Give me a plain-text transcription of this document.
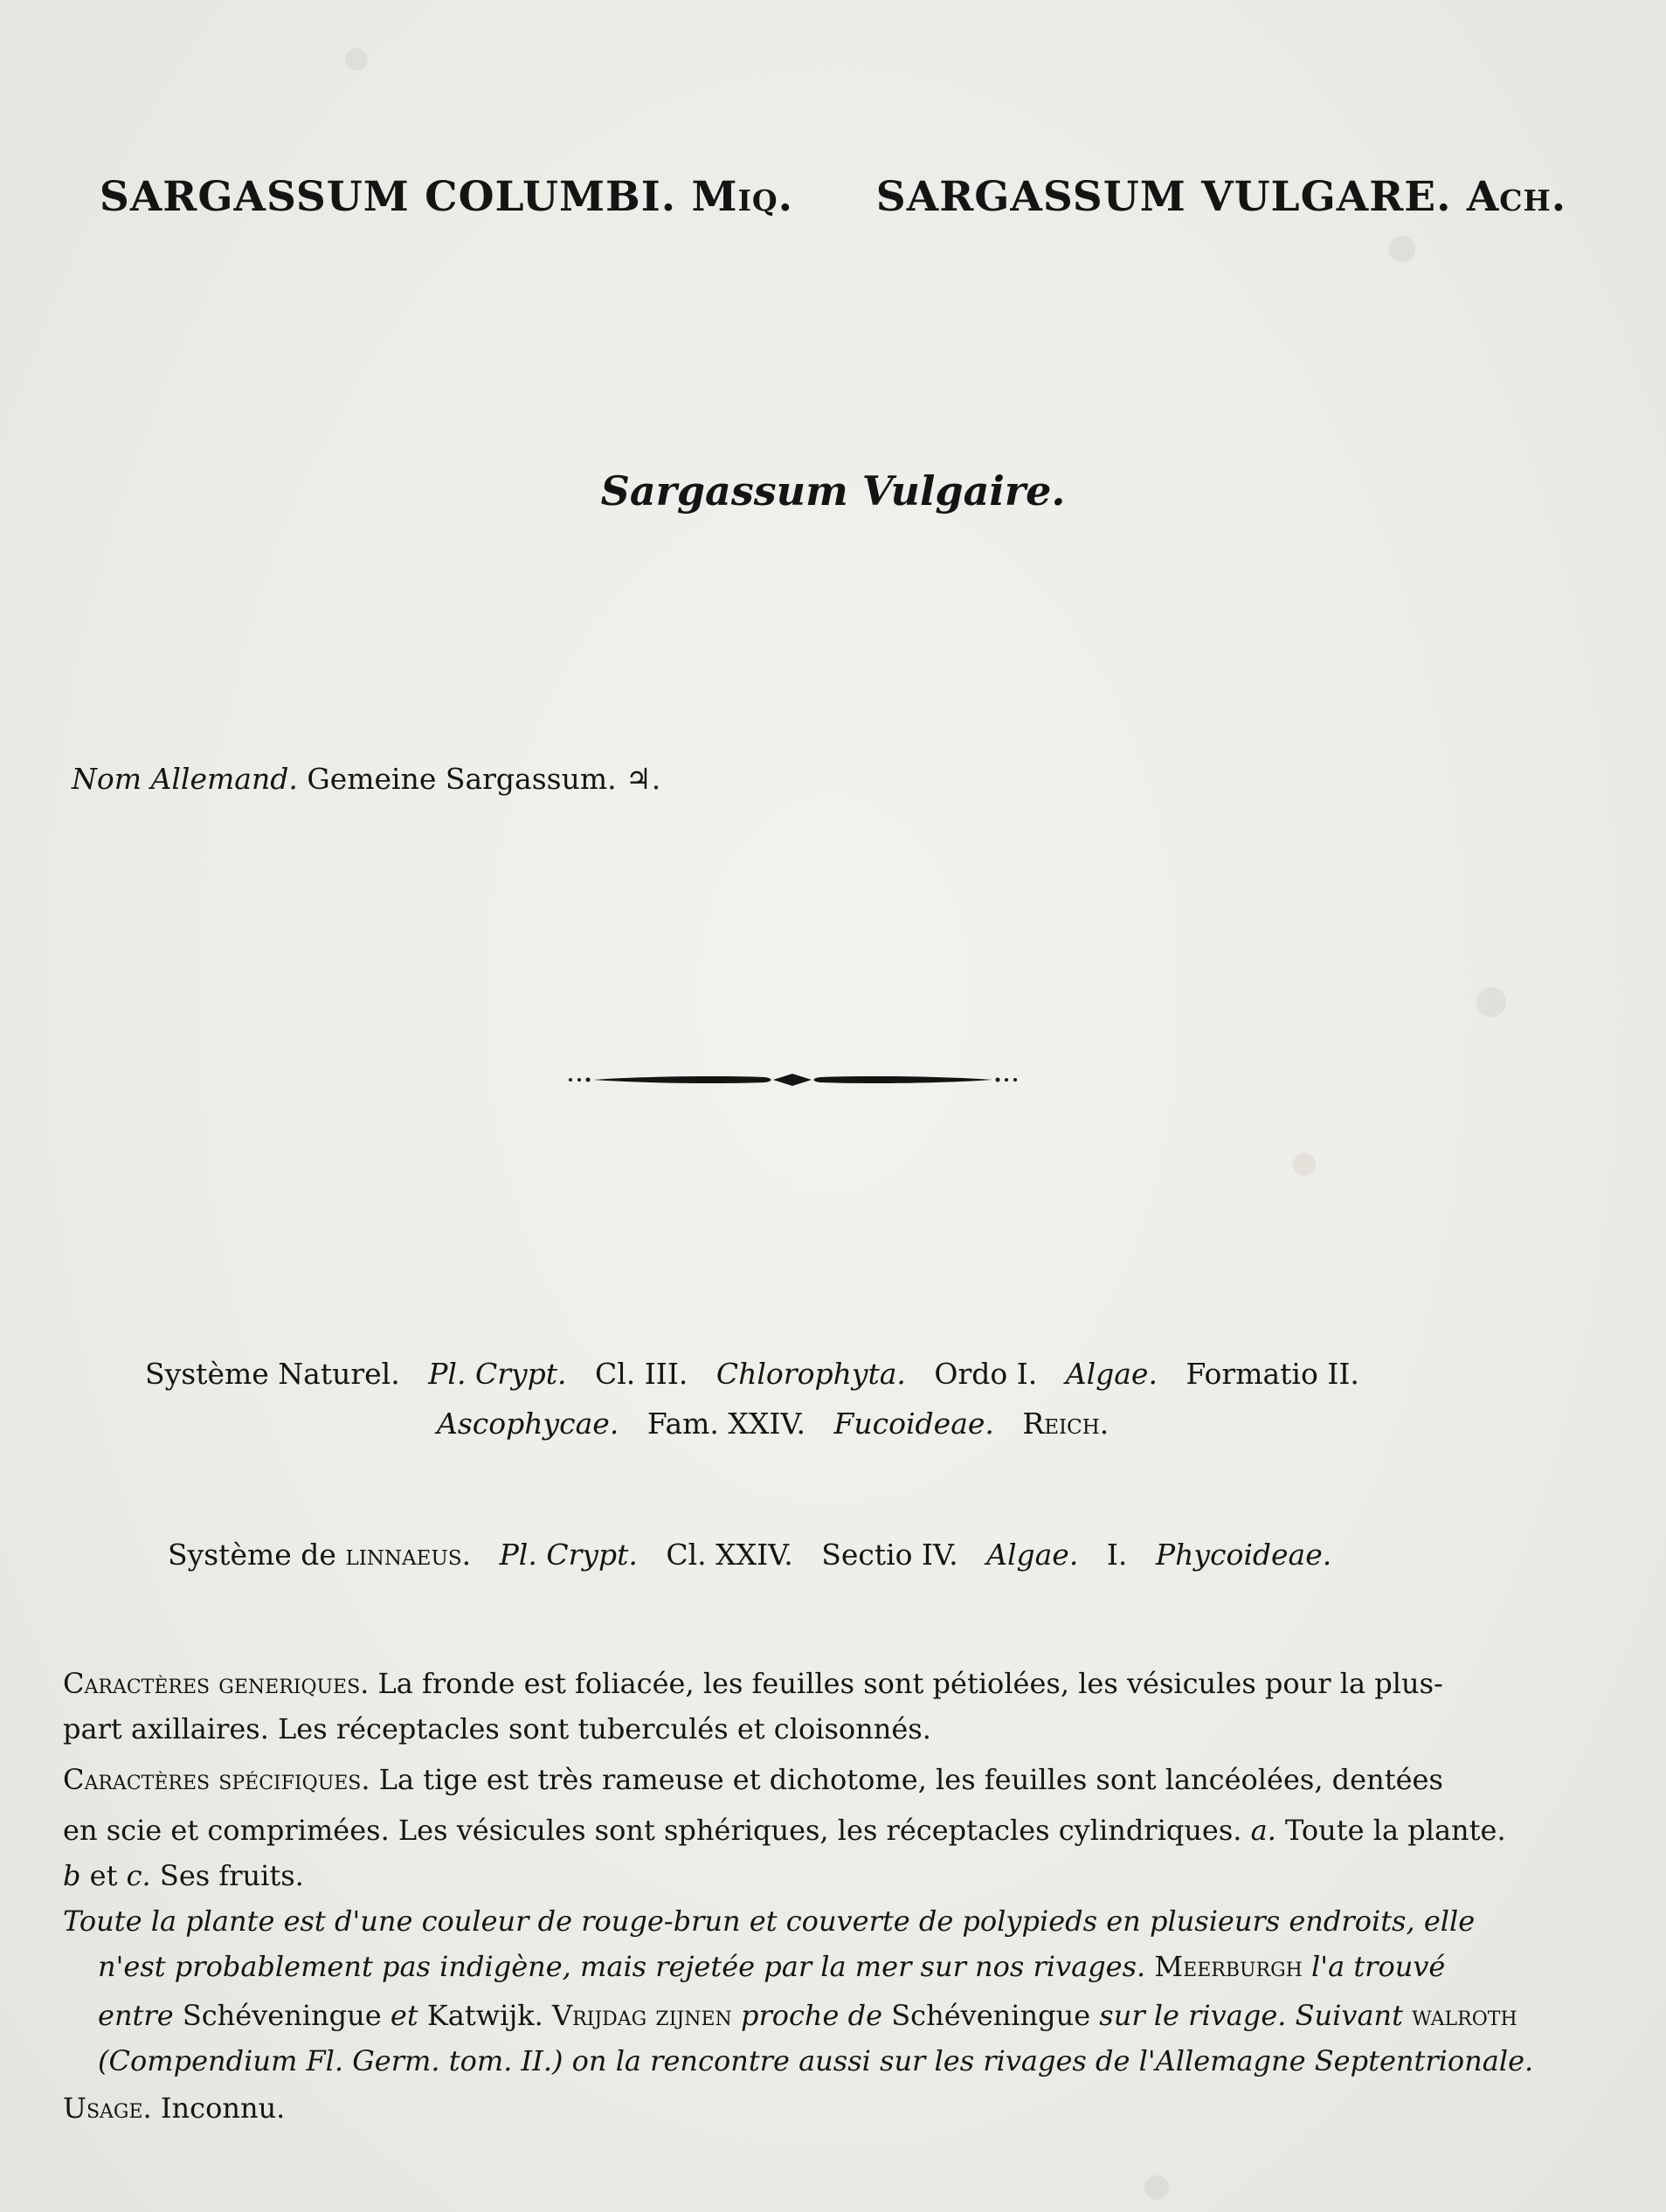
SARGASSUM COLUMBI. Miq. SARGASSUM VULGARE. Ach.
Sargassum Vulgaire.
Nom Allemand. Gemeine Sargassum. ♃.
Système Naturel. Pl. Crypt. Cl. III. Chlorophyta. Ordo I. Algae. Formatio II.
Ascophycae. Fam. XXIV. Fucoideae. Reich.
Système de linnaeus. Pl. Crypt. Cl. XXIV. Sectio IV. Algae. I. Phycoideae.
Caractères generiques. La fronde est foliacée, les feuilles sont pétiolées, les vésicules pour la plus-
part axillaires. Les réceptacles sont tuberculés et cloisonnés.
Caractères spécifiques. La tige est très rameuse et dichotome, les feuilles sont lancéolées, dentées
en scie et comprimées. Les vésicules sont sphériques, les réceptacles cylindriques. a. Toute la plante.
b et c. Ses fruits.
Toute la plante est d'une couleur de rouge-brun et couverte de polypieds en plusieurs endroits, elle
n'est probablement pas indigène, mais rejetée par la mer sur nos rivages. Meerburgh l'a trouvé
entre Schéveningue et Katwijk. Vrijdag zijnen proche de Schéveningue sur le rivage. Suivant walroth
(Compendium Fl. Germ. tom. II.) on la rencontre aussi sur les rivages de l'Allemagne Septentrionale.
Usage. Inconnu.
